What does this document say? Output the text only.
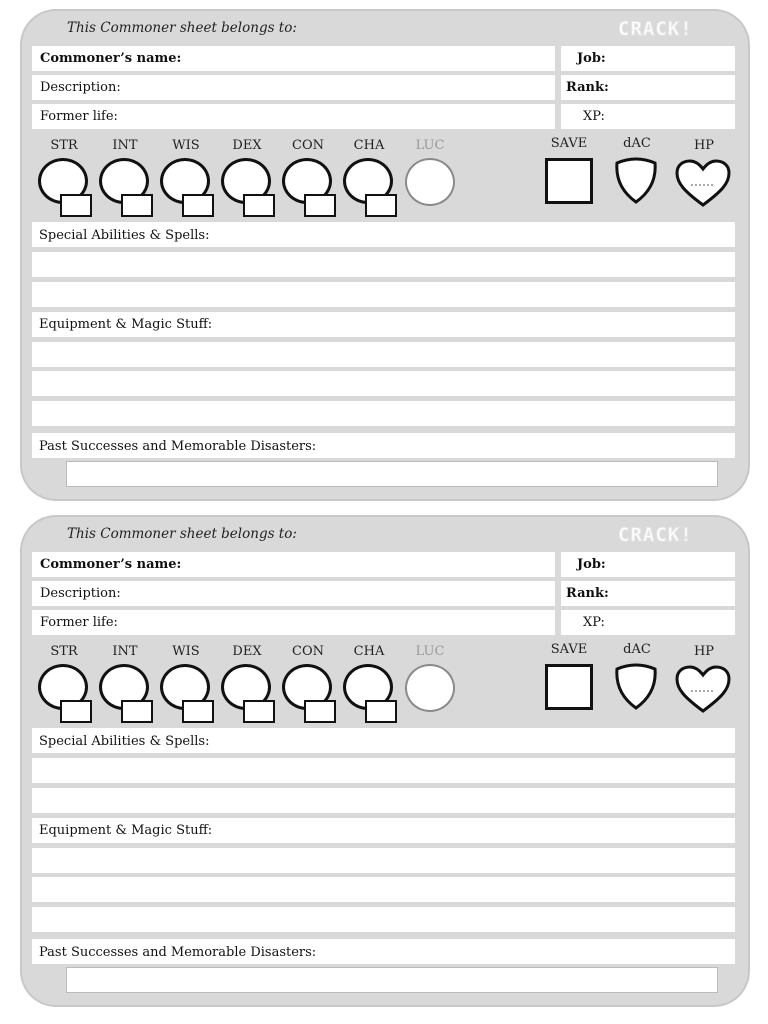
This Commoner sheet belongs to:	CRACK!
Commoner’s name:	Job:
Description:	Rank:
Former life:	XP:
STR	INT	WIS	DEX	CON	CHA	LUC	SAVE	dAC	HP
Special Abilities & Spells:
Equipment & Magic Stuff:
Past Successes and Memorable Disasters:
This Commoner sheet belongs to:	CRACK!
Commoner’s name:	Job:
Description:	Rank:
Former life:	XP:
STR	INT	WIS	DEX	CON	CHA	LUC	SAVE	dAC	HP
Special Abilities & Spells:
Equipment & Magic Stuff:
Past Successes and Memorable Disasters:
